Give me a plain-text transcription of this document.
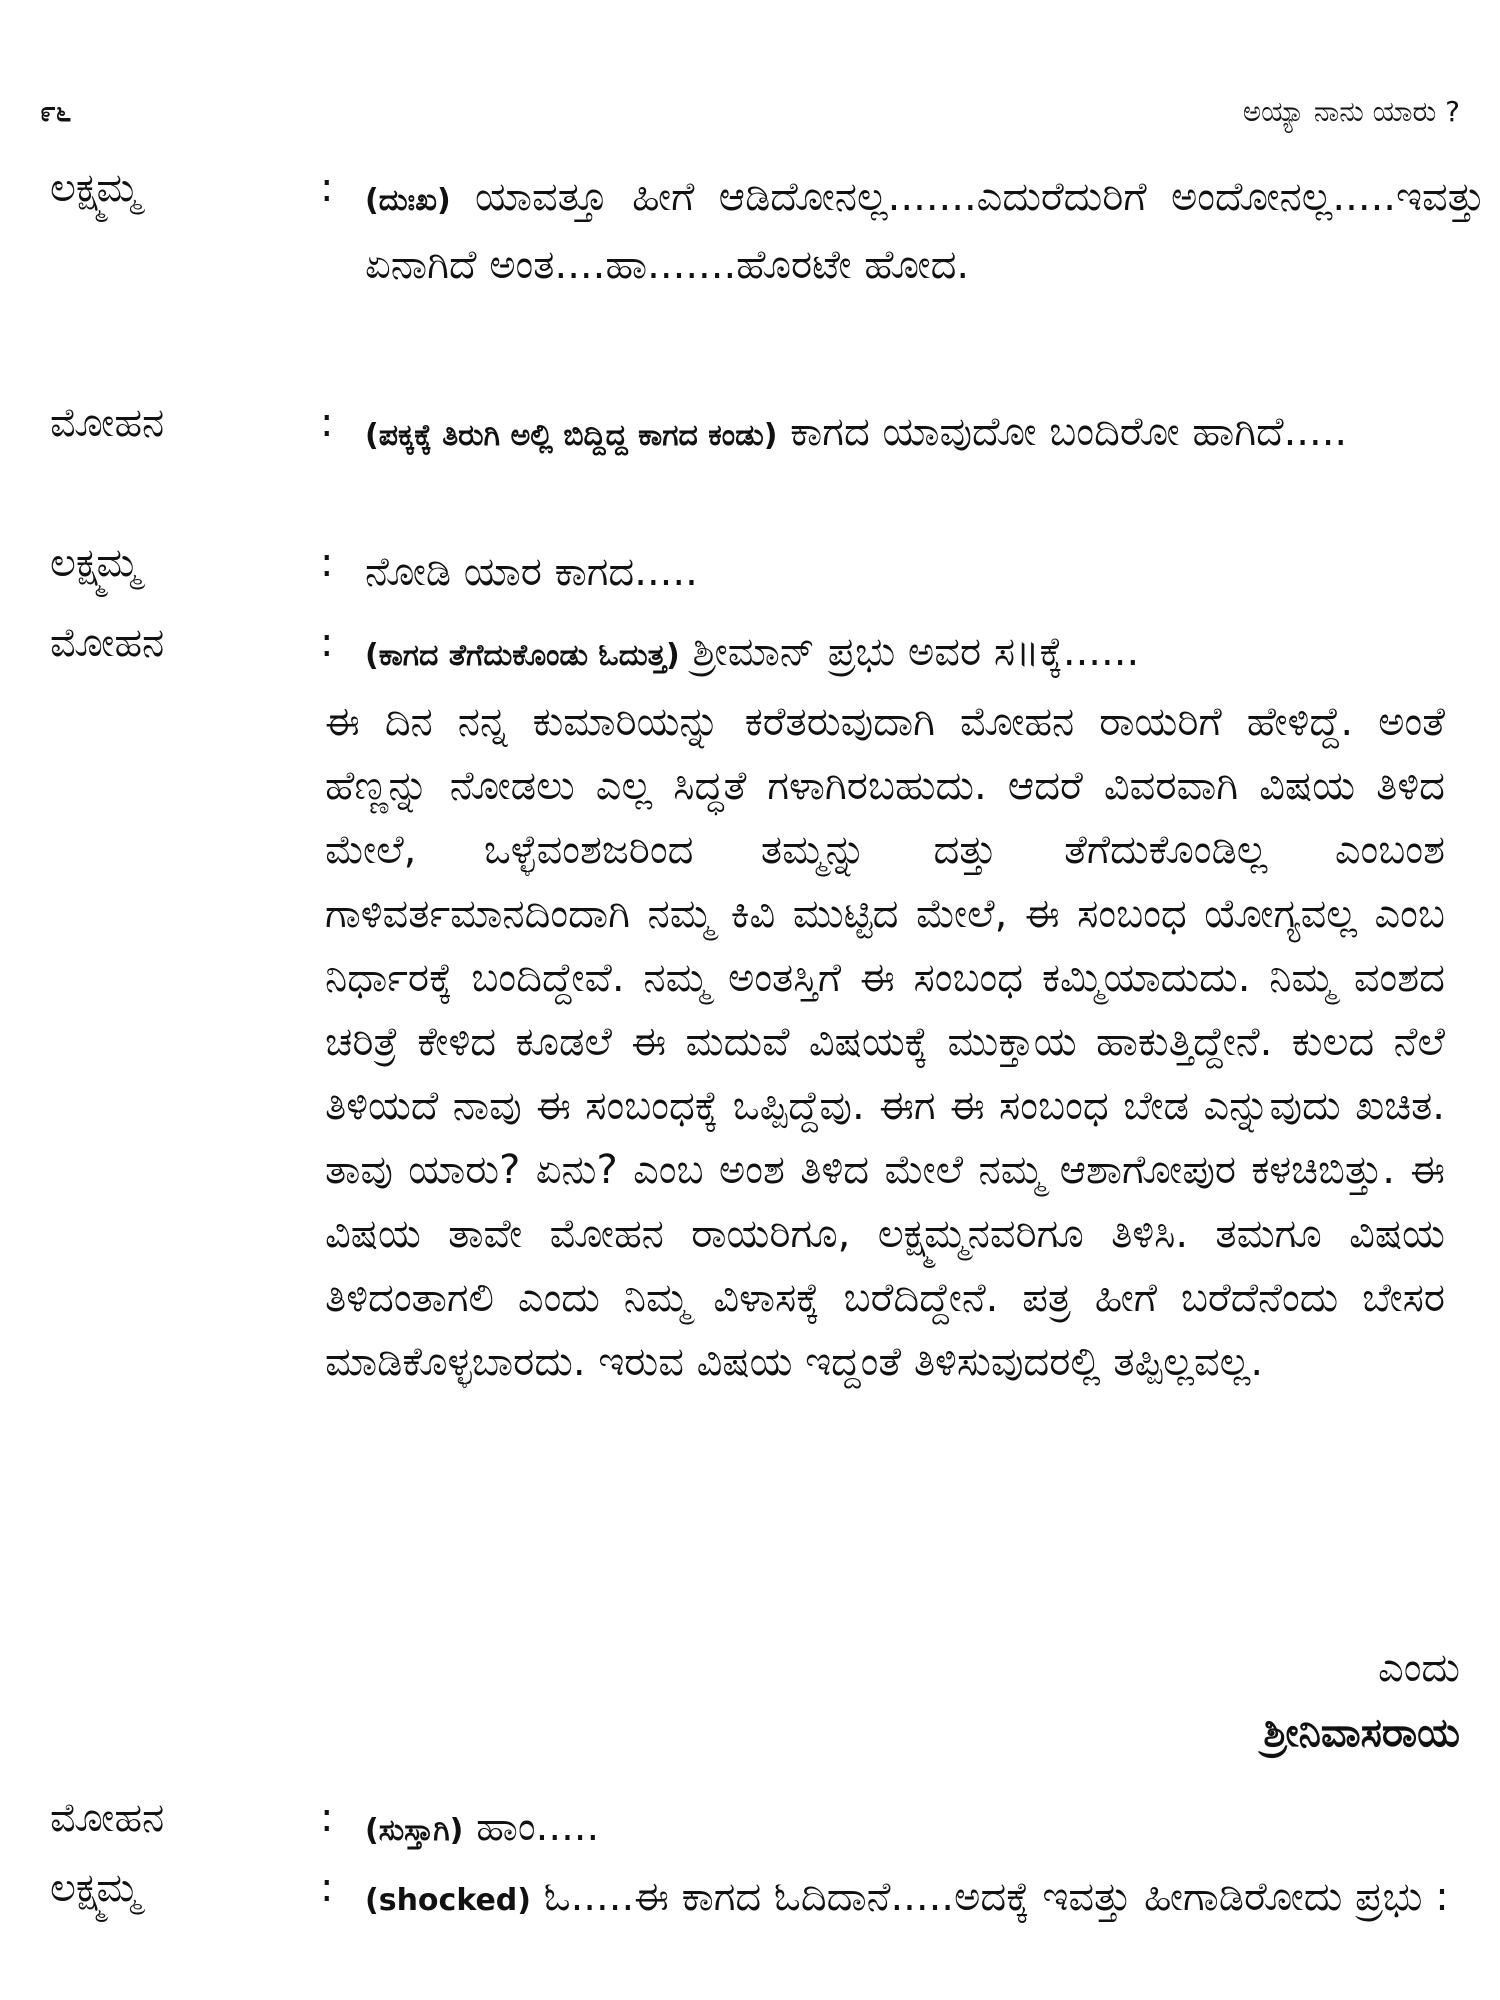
೯೬	ಅಯ್ಯಾ ನಾನು ಯಾರು ?
ಲಕ್ಷ್ಮಮ್ಮ	: (ದುಃಖ) ಯಾವತ್ತೂ ಹೀಗೆ ಆಡಿದೋನಲ್ಲ.......ಎದುರೆದುರಿಗೆ ಅಂದೋನಲ್ಲ.....ಇವತ್ತು ಏನಾಗಿದೆ ಅಂತ....ಹಾ.......ಹೊರಟೇ ಹೋದ.
ಮೋಹನ	: (ಪಕ್ಕಕ್ಕೆ ತಿರುಗಿ ಅಲ್ಲಿ ಬಿದ್ದಿದ್ದ ಕಾಗದ ಕಂಡು) ಕಾಗದ ಯಾವುದೋ ಬಂದಿರೋ ಹಾಗಿದೆ.....
ಲಕ್ಷ್ಮಮ್ಮ	: ನೋಡಿ ಯಾರ ಕಾಗದ.....
ಮೋಹನ	: (ಕಾಗದ ತೆಗೆದುಕೊಂಡು ಓದುತ್ತ) ಶ್ರೀಮಾನ್ ಪ್ರಭು ಅವರ ಸ॥ಕ್ಕೆ......
ಈ ದಿನ ನನ್ನ ಕುಮಾರಿಯನ್ನು ಕರೆತರುವುದಾಗಿ ಮೋಹನ ರಾಯರಿಗೆ ಹೇಳಿದ್ದೆ. ಅಂತೆ ಹೆಣ್ಣನ್ನು ನೋಡಲು ಎಲ್ಲ ಸಿದ್ಧತೆ ಗಳಾಗಿರಬಹುದು. ಆದರೆ ವಿವರವಾಗಿ ವಿಷಯ ತಿಳಿದ ಮೇಲೆ, ಒಳ್ಳೆವಂಶಜರಿಂದ ತಮ್ಮನ್ನು ದತ್ತು ತೆಗೆದುಕೊಂಡಿಲ್ಲ ಎಂಬಂಶ ಗಾಳಿವರ್ತಮಾನದಿಂದಾಗಿ ನಮ್ಮ ಕಿವಿ ಮುಟ್ಟಿದ ಮೇಲೆ, ಈ ಸಂಬಂಧ ಯೋಗ್ಯವಲ್ಲ ಎಂಬ ನಿರ್ಧಾರಕ್ಕೆ ಬಂದಿದ್ದೇವೆ. ನಮ್ಮ ಅಂತಸ್ತಿಗೆ ಈ ಸಂಬಂಧ ಕಮ್ಮಿಯಾದುದು. ನಿಮ್ಮ ವಂಶದ ಚರಿತ್ರೆ ಕೇಳಿದ ಕೂಡಲೆ ಈ ಮದುವೆ ವಿಷಯಕ್ಕೆ ಮುಕ್ತಾಯ ಹಾಕುತ್ತಿದ್ದೇನೆ. ಕುಲದ ನೆಲೆ ತಿಳಿಯದೆ ನಾವು ಈ ಸಂಬಂಧಕ್ಕೆ ಒಪ್ಪಿದ್ದೆವು. ಈಗ ಈ ಸಂಬಂಧ ಬೇಡ ಎನ್ನುವುದು ಖಚಿತ. ತಾವು ಯಾರು? ಏನು? ಎಂಬ ಅಂಶ ತಿಳಿದ ಮೇಲೆ ನಮ್ಮ ಆಶಾಗೋಪುರ ಕಳಚಿಬಿತ್ತು. ಈ ವಿಷಯ ತಾವೇ ಮೋಹನ ರಾಯರಿಗೂ, ಲಕ್ಷ್ಮಮ್ಮನವರಿಗೂ ತಿಳಿಸಿ. ತಮಗೂ ವಿಷಯ ತಿಳಿದಂತಾಗಲಿ ಎಂದು ನಿಮ್ಮ ವಿಳಾಸಕ್ಕೆ ಬರೆದಿದ್ದೇನೆ. ಪತ್ರ ಹೀಗೆ ಬರೆದೆನೆಂದು ಬೇಸರ ಮಾಡಿಕೊಳ್ಳಬಾರದು. ಇರುವ ವಿಷಯ ಇದ್ದಂತೆ ತಿಳಿಸುವುದರಲ್ಲಿ ತಪ್ಪಿಲ್ಲವಲ್ಲ.
ಎಂದು
ಶ್ರೀನಿವಾಸರಾಯ
ಮೋಹನ	: (ಸುಸ್ತಾಗಿ) ಹಾಂ.....
ಲಕ್ಷ್ಮಮ್ಮ	: (shocked) ಓ.....ಈ ಕಾಗದ ಓದಿದಾನೆ.....ಅದಕ್ಕೆ ಇವತ್ತು ಹೀಗಾಡಿರೋದು ಪ್ರಭು :
